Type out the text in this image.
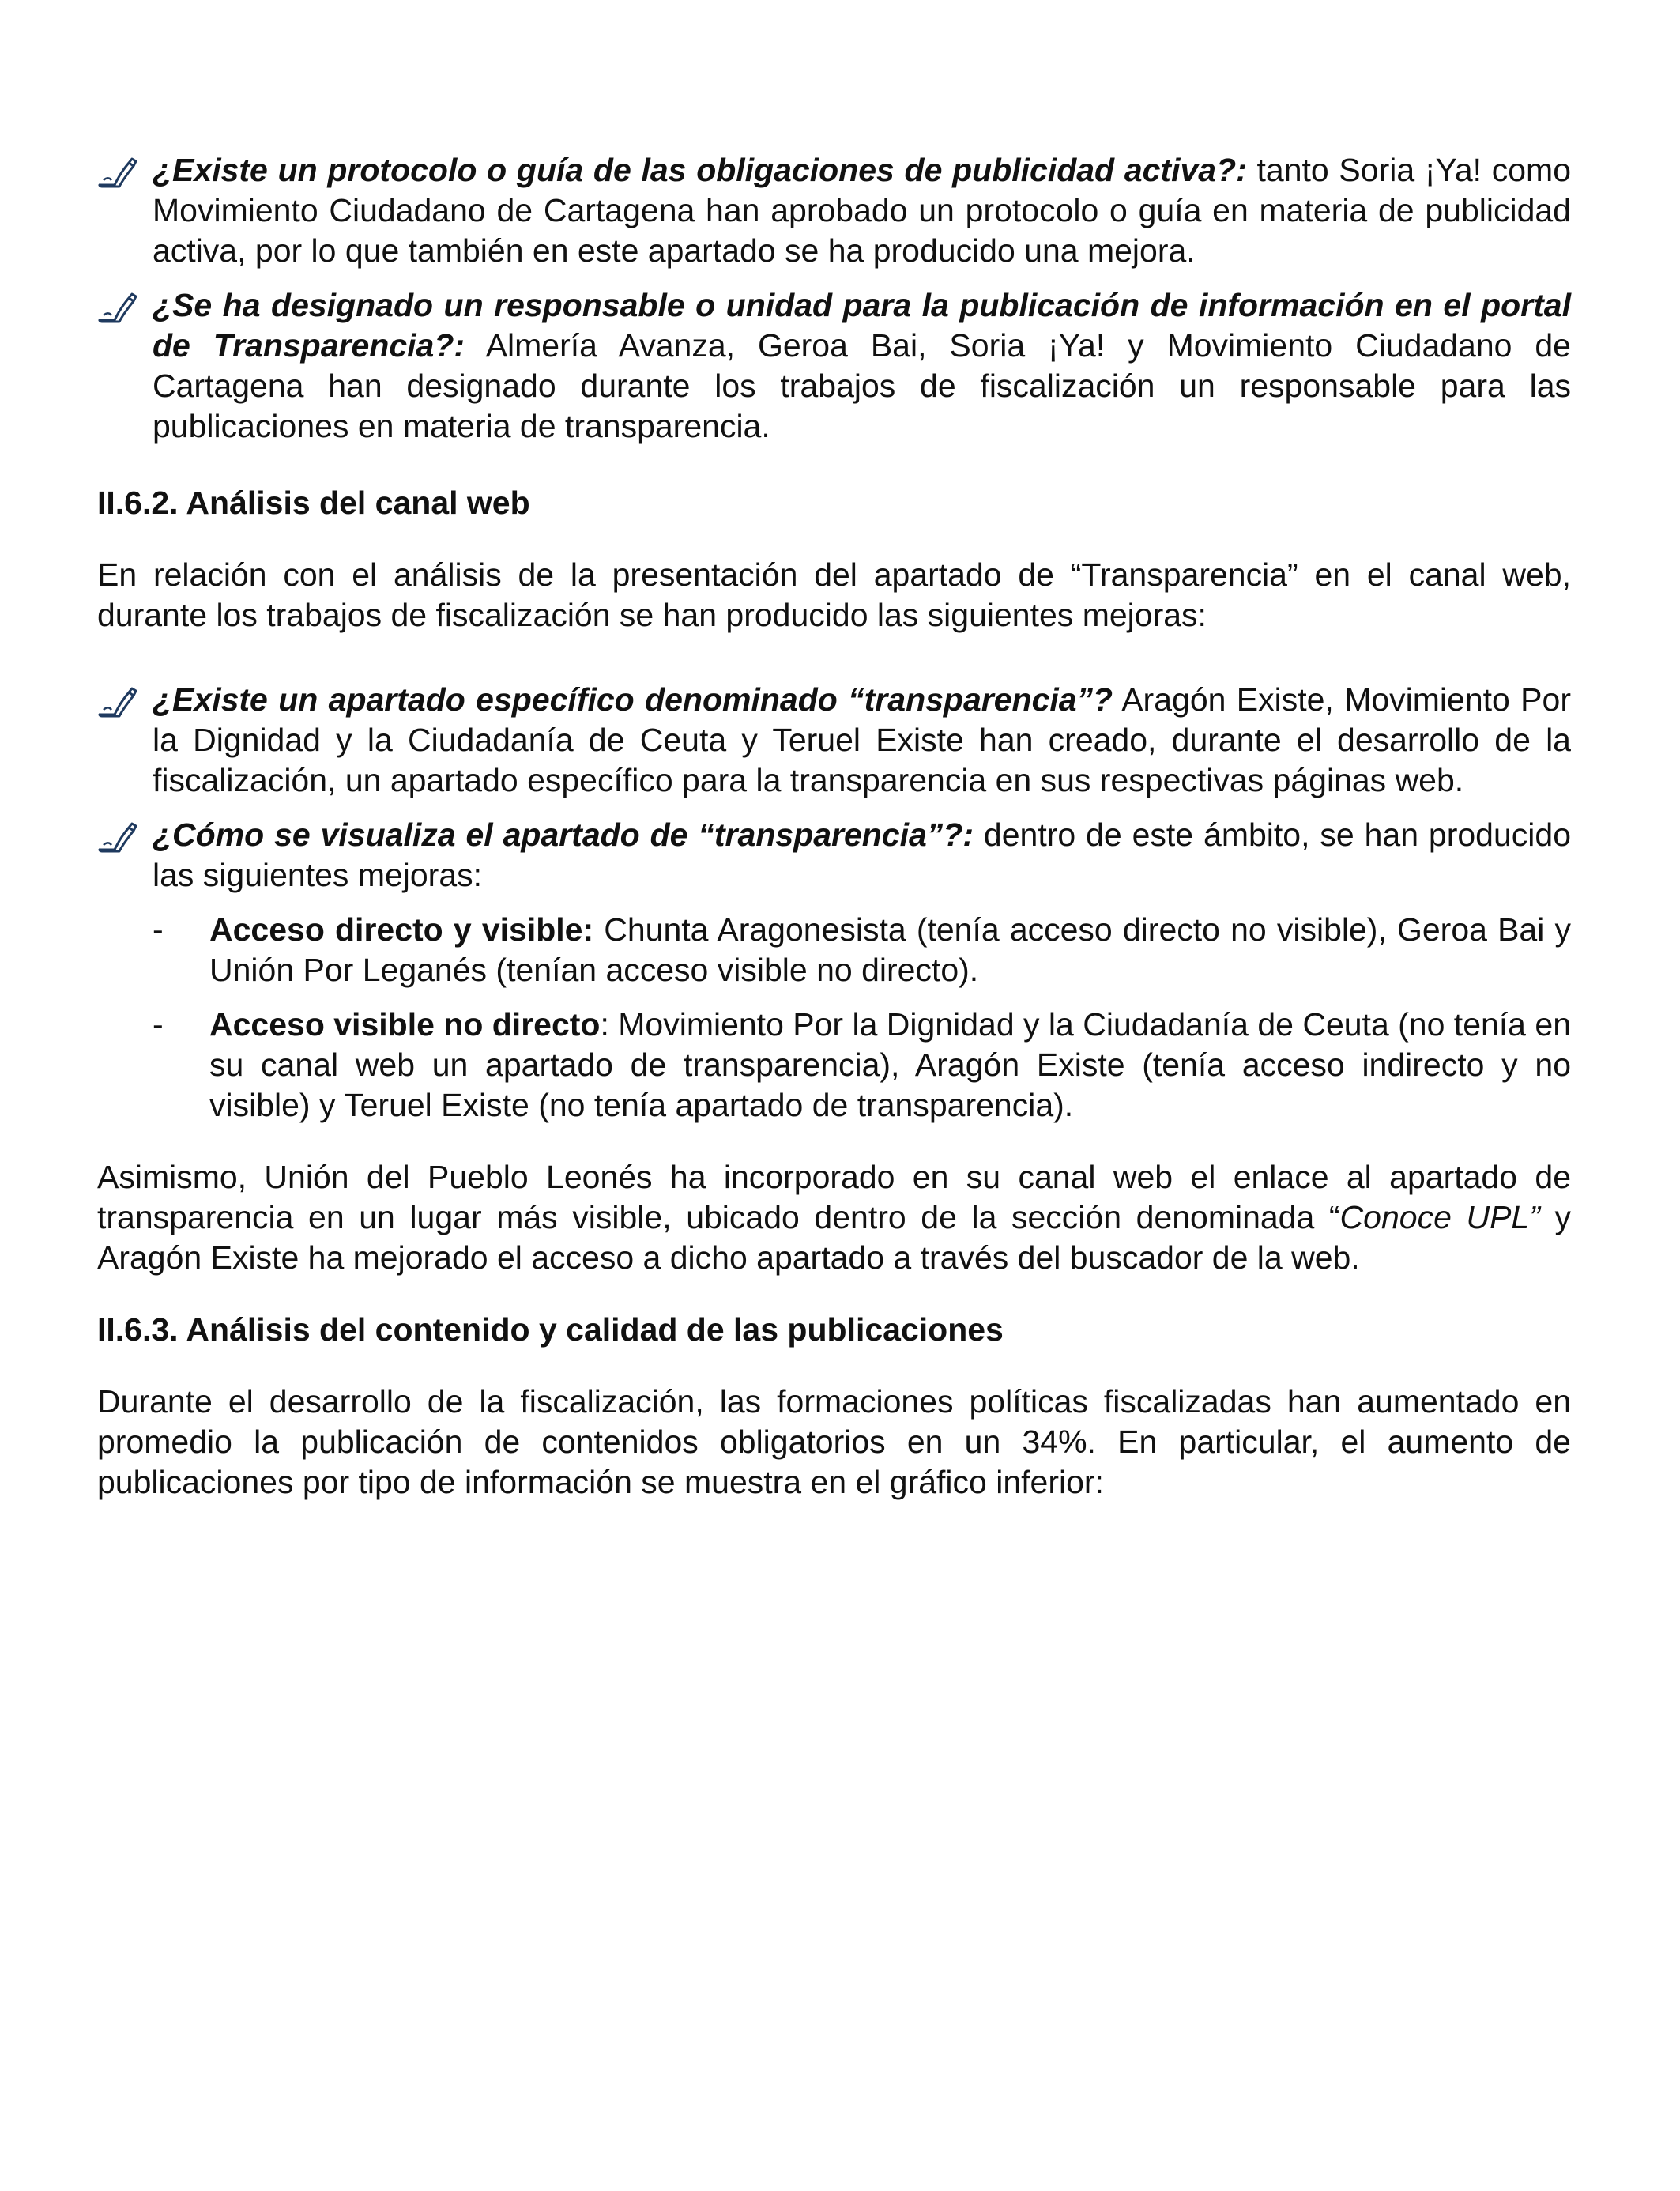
¿Existe un protocolo o guía de las obligaciones de publicidad activa?: tanto Soria ¡Ya! como Movimiento Ciudadano de Cartagena han aprobado un protocolo o guía en materia de publicidad activa, por lo que también en este apartado se ha producido una mejora.
¿Se ha designado un responsable o unidad para la publicación de información en el portal de Transparencia?: Almería Avanza, Geroa Bai, Soria ¡Ya! y Movimiento Ciudadano de Cartagena han designado durante los trabajos de fiscalización un responsable para las publicaciones en materia de transparencia.
II.6.2. Análisis del canal web

En relación con el análisis de la presentación del apartado de “Transparencia” en el canal web, durante los trabajos de fiscalización se han producido las siguientes mejoras:

¿Existe un apartado específico denominado “transparencia”? Aragón Existe, Movimiento Por la Dignidad y la Ciudadanía de Ceuta y Teruel Existe han creado, durante el desarrollo de la fiscalización, un apartado específico para la transparencia en sus respectivas páginas web.
¿Cómo se visualiza el apartado de “transparencia”?: dentro de este ámbito, se han producido las siguientes mejoras:
- Acceso directo y visible: Chunta Aragonesista (tenía acceso directo no visible), Geroa Bai y Unión Por Leganés (tenían acceso visible no directo).
- Acceso visible no directo: Movimiento Por la Dignidad y la Ciudadanía de Ceuta (no tenía en su canal web un apartado de transparencia), Aragón Existe (tenía acceso indirecto y no visible) y Teruel Existe (no tenía apartado de transparencia).

Asimismo, Unión del Pueblo Leonés ha incorporado en su canal web el enlace al apartado de transparencia en un lugar más visible, ubicado dentro de la sección denominada “Conoce UPL” y Aragón Existe ha mejorado el acceso a dicho apartado a través del buscador de la web.

II.6.3. Análisis del contenido y calidad de las publicaciones

Durante el desarrollo de la fiscalización, las formaciones políticas fiscalizadas han aumentado en promedio la publicación de contenidos obligatorios en un 34%. En particular, el aumento de publicaciones por tipo de información se muestra en el gráfico inferior:
